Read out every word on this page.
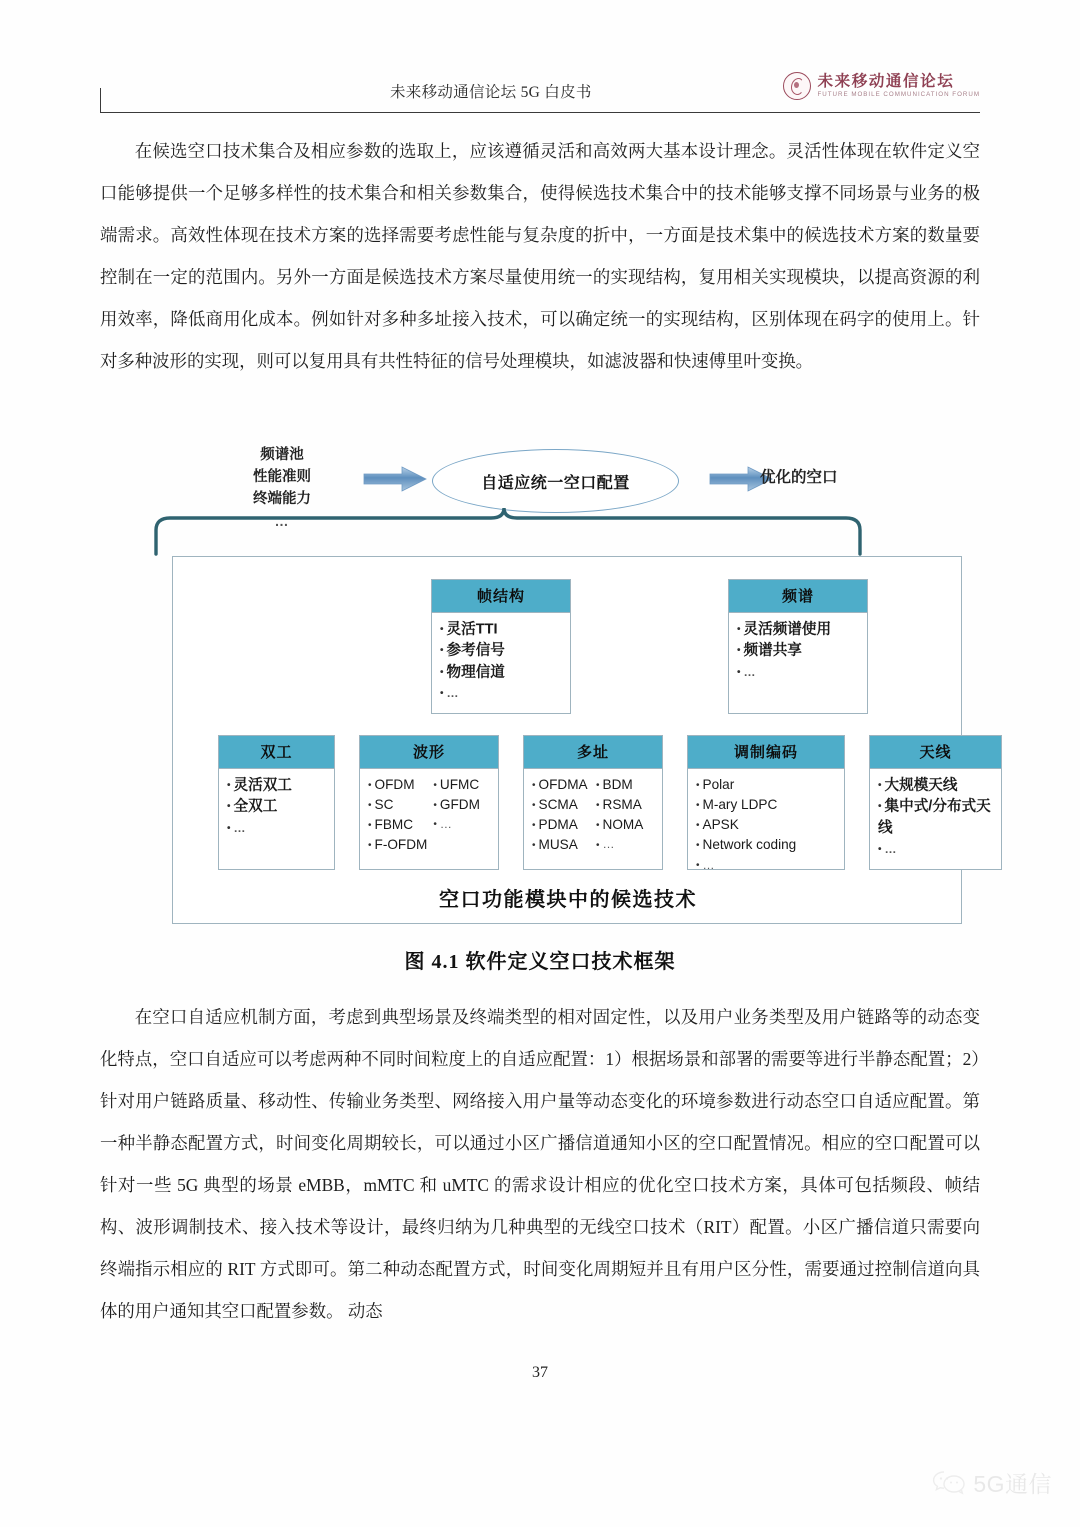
未来移动通信论坛 5G 白皮书
未来移动通信论坛
FUTURE MOBILE COMMUNICATION FORUM
在候选空口技术集合及相应参数的选取上，应该遵循灵活和高效两大基本设计理念。灵活性体现在软件定义空口能够提供一个足够多样性的技术集合和相关参数集合，使得候选技术集合中的技术能够支撑不同场景与业务的极端需求。高效性体现在技术方案的选择需要考虑性能与复杂度的折中，一方面是技术集中的候选技术方案的数量要控制在一定的范围内。另外一方面是候选技术方案尽量使用统一的实现结构，复用相关实现模块，以提高资源的利用效率，降低商用化成本。例如针对多种多址接入技术，可以确定统一的实现结构，区别体现在码字的使用上。针对多种波形的实现，则可以复用具有共性特征的信号处理模块，如滤波器和快速傅里叶变换。
频谱池
性能准则
终端能力
…
自适应统一空口配置	优化的空口
帧结构
• 灵活TTI
• 参考信号
• 物理信道
• …
频谱
• 灵活频谱使用
• 频谱共享
• …
双工
• 灵活双工
• 全双工
• …
波形
• OFDM
• SC
• FBMC
• F-OFDM
• UFMC
• GFDM
• …
多址
• OFDMA
• SCMA
• PDMA
• MUSA
• BDM
• RSMA
• NOMA
• …
调制编码
• Polar
• M-ary LDPC
• APSK
• Network coding
• …
天线
• 大规模天线
• 集中式/分布式天线
• …
空口功能模块中的候选技术
图 4.1 软件定义空口技术框架
在空口自适应机制方面，考虑到典型场景及终端类型的相对固定性，以及用户业务类型及用户链路等的动态变化特点，空口自适应可以考虑两种不同时间粒度上的自适应配置：1）根据场景和部署的需要等进行半静态配置；2）针对用户链路质量、移动性、传输业务类型、网络接入用户量等动态变化的环境参数进行动态空口自适应配置。第一种半静态配置方式，时间变化周期较长，可以通过小区广播信道通知小区的空口配置情况。相应的空口配置可以针对一些 5G 典型的场景 eMBB，mMTC 和 uMTC 的需求设计相应的优化空口技术方案，具体可包括频段、帧结构、波形调制技术、接入技术等设计，最终归纳为几种典型的无线空口技术（RIT）配置。小区广播信道只需要向终端指示相应的 RIT 方式即可。第二种动态配置方式，时间变化周期短并且有用户区分性，需要通过控制信道向具体的用户通知其空口配置参数。 动态
37
5G通信
